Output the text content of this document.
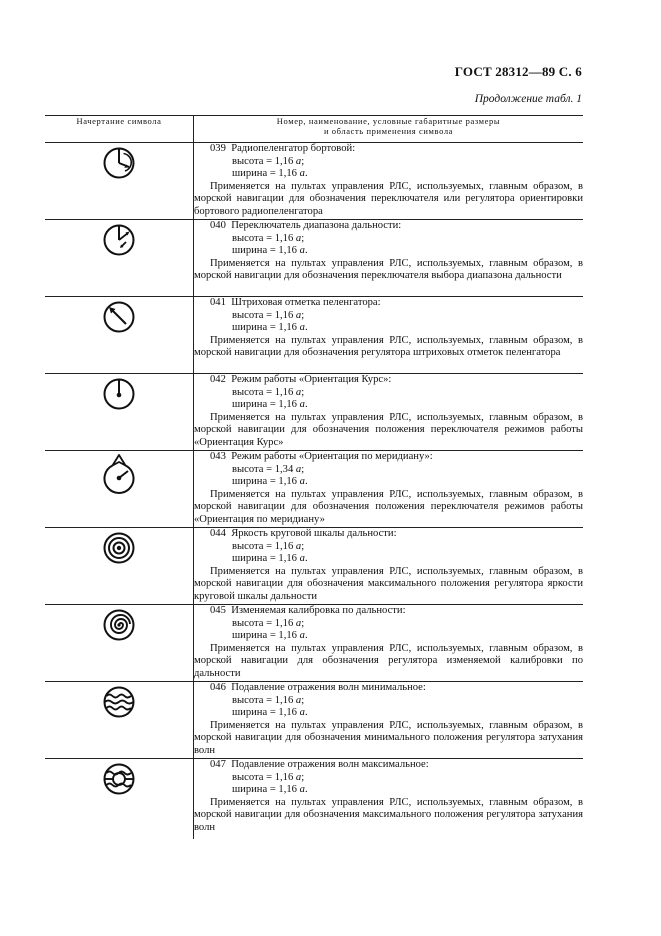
ГОСТ 28312—89 С. 6
Продолжение табл. 1
Начертание символа	Номер, наименование, условные габаритные размеры
и область применения символа

039 Радиопеленгатор бортовой:
высота = 1,16 a;
ширина = 1,16 a.
Применяется на пультах управления РЛС, используемых, главным образом, в морской навигации для обозначения переключателя или регулятора ориентировки бортового радиопеленгатора

040 Переключатель диапазона дальности:
высота = 1,16 a;
ширина = 1,16 a.
Применяется на пультах управления РЛС, используемых, главным образом, в морской навигации для обозначения переключателя выбора диапазона дальности

041 Штриховая отметка пеленгатора:
высота = 1,16 a;
ширина = 1,16 a.
Применяется на пультах управления РЛС, используемых, главным образом, в морской навигации для обозначения регулятора штриховых отметок пеленгатора

042 Режим работы «Ориентация Курс»:
высота = 1,16 a;
ширина = 1,16 a.
Применяется на пультах управления РЛС, используемых, главным образом, в морской навигации для обозначения положения переключателя режимов работы «Ориентация Курс»

043 Режим работы «Ориентация по меридиану»:
высота = 1,34 a;
ширина = 1,16 a.
Применяется на пультах управления РЛС, используемых, главным образом, в морской навигации для обозначения положения переключателя режимов работы «Ориентация по меридиану»

044 Яркость круговой шкалы дальности:
высота = 1,16 a;
ширина = 1,16 a.
Применяется на пультах управления РЛС, используемых, главным образом, в морской навигации для обозначения максимального положения регулятора яркости круговой шкалы дальности

045 Изменяемая калибровка по дальности:
высота = 1,16 a;
ширина = 1,16 a.
Применяется на пультах управления РЛС, используемых, главным образом, в морской навигации для обозначения регулятора изменяемой калибровки по дальности

046 Подавление отражения волн минимальное:
высота = 1,16 a;
ширина = 1,16 a.
Применяется на пультах управления РЛС, используемых, главным образом, в морской навигации для обозначения минимального положения регулятора затухания волн

047 Подавление отражения волн максимальное:
высота = 1,16 a;
ширина = 1,16 a.
Применяется на пультах управления РЛС, используемых, главным образом, в морской навигации для обозначения максимального положения регулятора затухания волн
